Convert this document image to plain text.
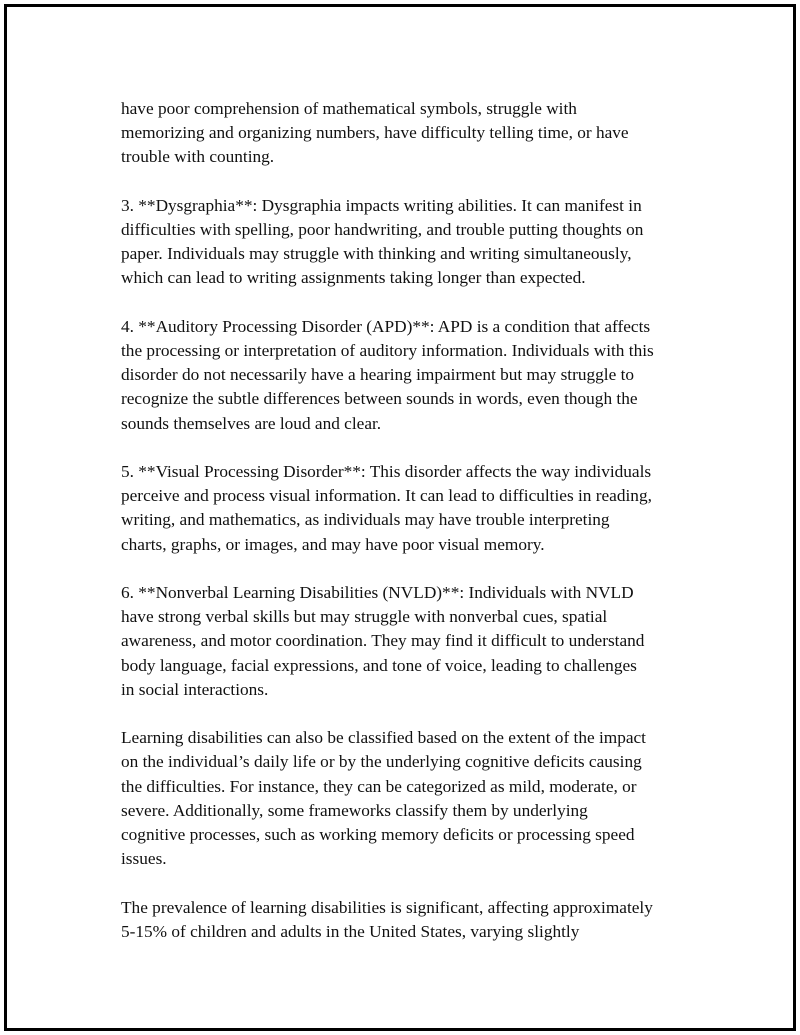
have poor comprehension of mathematical symbols, struggle with
memorizing and organizing numbers, have difficulty telling time, or have
trouble with counting.

3. **Dysgraphia**: Dysgraphia impacts writing abilities. It can manifest in
difficulties with spelling, poor handwriting, and trouble putting thoughts on
paper. Individuals may struggle with thinking and writing simultaneously,
which can lead to writing assignments taking longer than expected.

4. **Auditory Processing Disorder (APD)**: APD is a condition that affects
the processing or interpretation of auditory information. Individuals with this
disorder do not necessarily have a hearing impairment but may struggle to
recognize the subtle differences between sounds in words, even though the
sounds themselves are loud and clear.

5. **Visual Processing Disorder**: This disorder affects the way individuals
perceive and process visual information. It can lead to difficulties in reading,
writing, and mathematics, as individuals may have trouble interpreting
charts, graphs, or images, and may have poor visual memory.

6. **Nonverbal Learning Disabilities (NVLD)**: Individuals with NVLD
have strong verbal skills but may struggle with nonverbal cues, spatial
awareness, and motor coordination. They may find it difficult to understand
body language, facial expressions, and tone of voice, leading to challenges
in social interactions.

Learning disabilities can also be classified based on the extent of the impact
on the individual’s daily life or by the underlying cognitive deficits causing
the difficulties. For instance, they can be categorized as mild, moderate, or
severe. Additionally, some frameworks classify them by underlying
cognitive processes, such as working memory deficits or processing speed
issues.

The prevalence of learning disabilities is significant, affecting approximately
5-15% of children and adults in the United States, varying slightly
